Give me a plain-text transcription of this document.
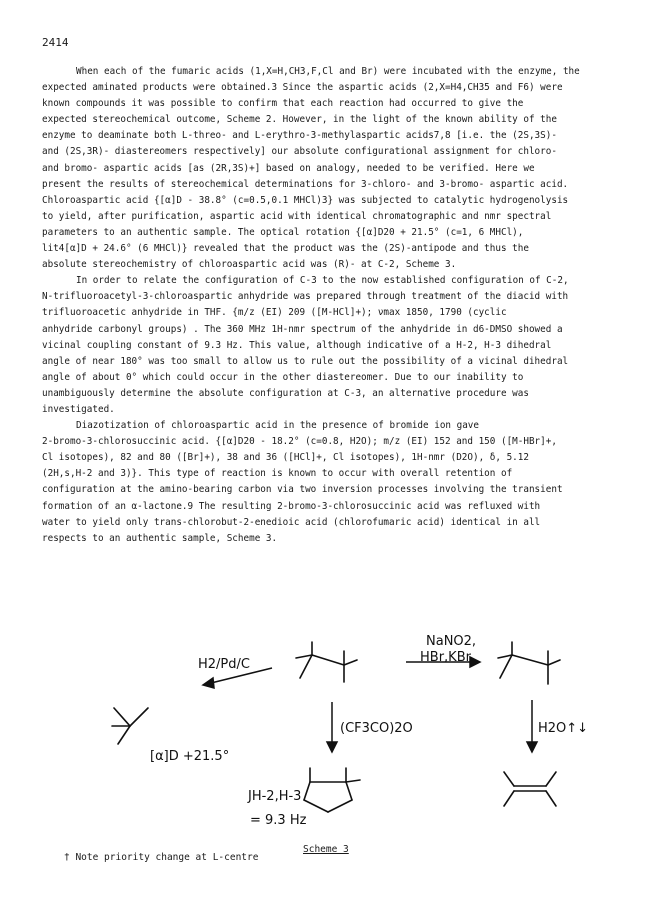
2414
When each of the fumaric acids (1,X=H,CH3,F,Cl and Br) were incubated with the enzyme, the
expected aminated products were obtained.3 Since the aspartic acids (2,X=H4,CH35 and F6) were
known compounds it was possible to confirm that each reaction had occurred to give the
expected stereochemical outcome, Scheme 2. However, in the light of the known ability of the
enzyme to deaminate both L-threo- and L-erythro-3-methylaspartic acids7,8 [i.e. the (2S,3S)-
and (2S,3R)- diastereomers respectively] our absolute configurational assignment for chloro-
and bromo- aspartic acids [as (2R,3S)+] based on analogy, needed to be verified. Here we
present the results of stereochemical determinations for 3-chloro- and 3-bromo- aspartic acid.
Chloroaspartic acid {[α]D - 38.8° (c=0.5,0.1 MHCl)3} was subjected to catalytic hydrogenolysis
to yield, after purification, aspartic acid with identical chromatographic and nmr spectral
parameters to an authentic sample. The optical rotation {[α]D20 + 21.5° (c=1, 6 MHCl),
lit4[α]D + 24.6° (6 MHCl)} revealed that the product was the (2S)-antipode and thus the
absolute stereochemistry of chloroaspartic acid was (R)- at C-2, Scheme 3.
In order to relate the configuration of C-3 to the now established configuration of C-2,
N-trifluoroacetyl-3-chloroaspartic anhydride was prepared through treatment of the diacid with
trifluoroacetic anhydride in THF. {m/z (EI) 209 ([M-HCl]+); νmax 1850, 1790 (cyclic
anhydride carbonyl groups) . The 360 MHz 1H-nmr spectrum of the anhydride in d6-DMSO showed a
vicinal coupling constant of 9.3 Hz. This value, although indicative of a H-2, H-3 dihedral
angle of near 180° was too small to allow us to rule out the possibility of a vicinal dihedral
angle of about 0° which could occur in the other diastereomer. Due to our inability to
unambiguously determine the absolute configuration at C-3, an alternative procedure was
investigated.
Diazotization of chloroaspartic acid in the presence of bromide ion gave
2-bromo-3-chlorosuccinic acid. {[α]D20 - 18.2° (c=0.8, H2O); m/z (EI) 152 and 150 ([M-HBr]+,
Cl isotopes), 82 and 80 ([Br]+), 38 and 36 ([HCl]+, Cl isotopes), 1H-nmr (D2O), δ, 5.12
(2H,s,H-2 and 3)}. This type of reaction is known to occur with overall retention of
configuration at the amino-bearing carbon via two inversion processes involving the transient
formation of an α-lactone.9 The resulting 2-bromo-3-chlorosuccinic acid was refluxed with
water to yield only trans-chlorobut-2-enedioic acid (chlorofumaric acid) identical in all
respects to an authentic sample, Scheme 3.
H2/Pd/C
NaNO2,
HBr,KBr.
(CF3CO)2O	H2O↑↓
[α]D +21.5°
JH-2,H-3
= 9.3 Hz
Scheme 3
† Note priority change at L-centre
